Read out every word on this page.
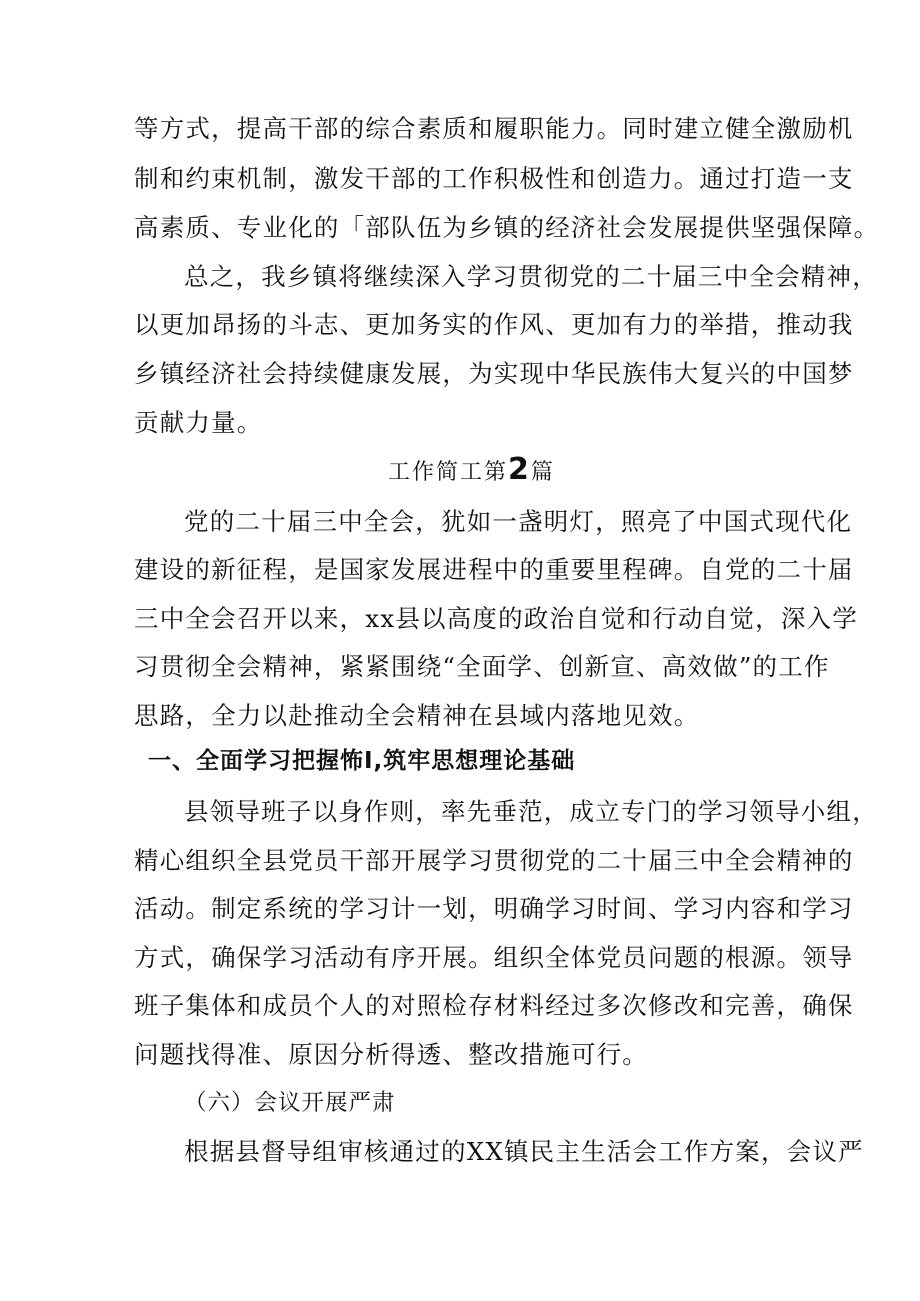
等方式，提高干部的综合素质和履职能力。同时建立健全激励机
制和约束机制，激发干部的工作积极性和创造力。通过打造一支
高素质、专业化的「部队伍为乡镇的经济社会发展提供坚强保障。
总之，我乡镇将继续深入学习贯彻党的二十届三中全会精神，
以更加昂扬的斗志、更加务实的作风、更加有力的举措，推动我
乡镇经济社会持续健康发展，为实现中华民族伟大复兴的中国梦
贡献力量。
工作简工第2篇
党的二十届三中全会，犹如一盏明灯，照亮了中国式现代化
建设的新征程，是国家发展进程中的重要里程碑。自党的二十届
三中全会召开以来，xx县以高度的政治自觉和行动自觉，深入学
习贯彻全会精神，紧紧围绕“全面学、创新宣、高效做”的工作
思路，全力以赴推动全会精神在县域内落地见效。
一、全面学习把握怖I,筑牢思想理论基础
县领导班子以身作则，率先垂范，成立专门的学习领导小组，
精心组织全县党员干部开展学习贯彻党的二十届三中全会精神的
活动。制定系统的学习计一划，明确学习时间、学习内容和学习
方式，确保学习活动有序开展。组织全体党员问题的根源。领导
班子集体和成员个人的对照检存材料经过多次修改和完善，确保
问题找得准、原因分析得透、整改措施可行。
（六）会议开展严肃
根据县督导组审核通过的XX镇民主生活会工作方案，会议严
